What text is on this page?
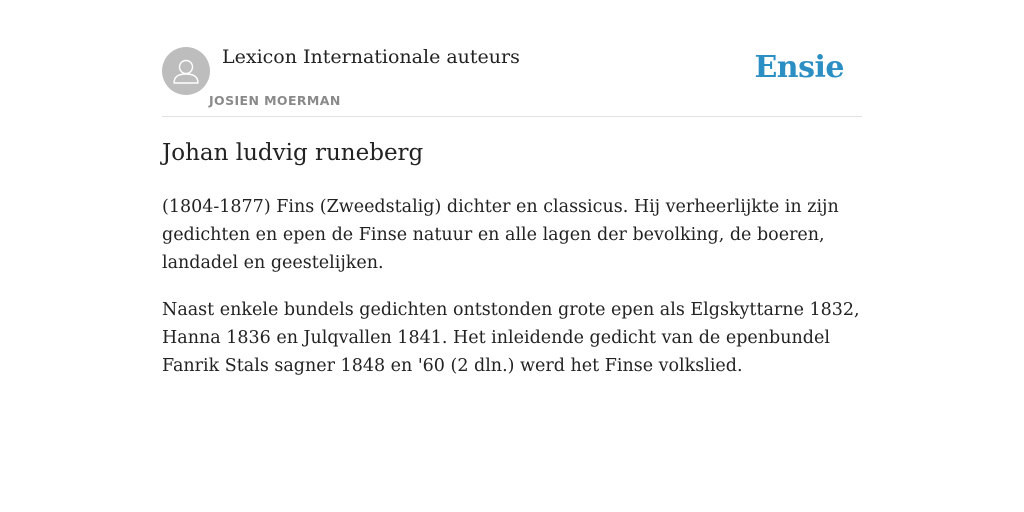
Lexicon Internationale auteurs
JOSIEN MOERMAN
Ensie
Johan ludvig runeberg

(1804-1877) Fins (Zweedstalig) dichter en classicus. Hij verheerlijkte in zijn gedichten en epen de Finse natuur en alle lagen der bevolking, de boeren, landadel en geestelijken.

Naast enkele bundels gedichten ontstonden grote epen als Elgskyttarne 1832, Hanna 1836 en Julqvallen 1841. Het inleidende gedicht van de epenbundel Fanrik Stals sagner 1848 en '60 (2 dln.) werd het Finse volkslied.
